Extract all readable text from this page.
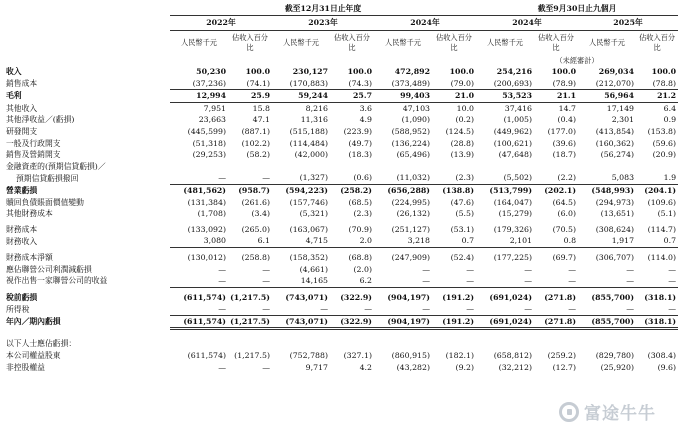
	截至12月31日止年度						截至9月30日止九個月			
	2022年		2023年		2024年		2024年		2025年	
	人民幣千元	佔收入百分比	人民幣千元	佔收入百分比	人民幣千元	佔收入百分比	人民幣千元	佔收入百分比	人民幣千元	佔收入百分比
							（未經審計）			
收入	50,230	100.0	230,127	100.0	472,892	100.0	254,216	100.0	269,034	100.0
銷售成本	(37,236)	(74.1)	(170,883)	(74.3)	(373,489)	(79.0)	(200,693)	(78.9)	(212,070)	(78.8)
毛利	12,994	25.9	59,244	25.7	99,403	21.0	53,523	21.1	56,964	21.2
其他收入	7,951	15.8	8,216	3.6	47,103	10.0	37,416	14.7	17,149	6.4
其他淨收益／(虧損)	23,663	47.1	11,316	4.9	(1,090)	(0.2)	(1,005)	(0.4)	2,301	0.9
研發開支	(445,599)	(887.1)	(515,188)	(223.9)	(588,952)	(124.5)	(449,962)	(177.0)	(413,854)	(153.8)
一般及行政開支	(51,318)	(102.2)	(114,484)	(49.7)	(136,224)	(28.8)	(100,621)	(39.6)	(160,362)	(59.6)
銷售及營銷開支	(29,253)	(58.2)	(42,000)	(18.3)	(65,496)	(13.9)	(47,648)	(18.7)	(56,274)	(20.9)
金融資產的(預期信貸虧損)／										
預期信貸虧損撥回	—	—	(1,327)	(0.6)	(11,032)	(2.3)	(5,502)	(2.2)	5,083	1.9
營業虧損	(481,562)	(958.7)	(594,223)	(258.2)	(656,288)	(138.8)	(513,799)	(202.1)	(548,993)	(204.1)
贖回負債賬面價值變動	(131,384)	(261.6)	(157,746)	(68.5)	(224,995)	(47.6)	(164,047)	(64.5)	(294,973)	(109.6)
其他財務成本	(1,708)	(3.4)	(5,321)	(2.3)	(26,132)	(5.5)	(15,279)	(6.0)	(13,651)	(5.1)

財務成本	(133,092)	(265.0)	(163,067)	(70.9)	(251,127)	(53.1)	(179,326)	(70.5)	(308,624)	(114.7)
財務收入	3,080	6.1	4,715	2.0	3,218	0.7	2,101	0.8	1,917	0.7

財務成本淨額	(130,012)	(258.8)	(158,352)	(68.8)	(247,909)	(52.4)	(177,225)	(69.7)	(306,707)	(114.0)
應佔聯營公司利潤減虧損	—	—	(4,661)	(2.0)	—	—	—	—	—	—
視作出售一家聯營公司的收益	—	—	14,165	6.2	—	—	—	—	—	—

稅前虧損	(611,574)	(1,217.5)	(743,071)	(322.9)	(904,197)	(191.2)	(691,024)	(271.8)	(855,700)	(318.1)
所得稅	—	—	—	—	—	—	—	—	—	—
年內／期內虧損	(611,574)	(1,217.5)	(743,071)	(322.9)	(904,197)	(191.2)	(691,024)	(271.8)	(855,700)	(318.1)

以下人士應佔虧損：										
本公司權益股東	(611,574)	(1,217.5)	(752,788)	(327.1)	(860,915)	(182.1)	(658,812)	(259.2)	(829,780)	(308.4)
非控股權益	—	—	9,717	4.2	(43,282)	(9.2)	(32,212)	(12.7)	(25,920)	(9.6)
富途牛牛
